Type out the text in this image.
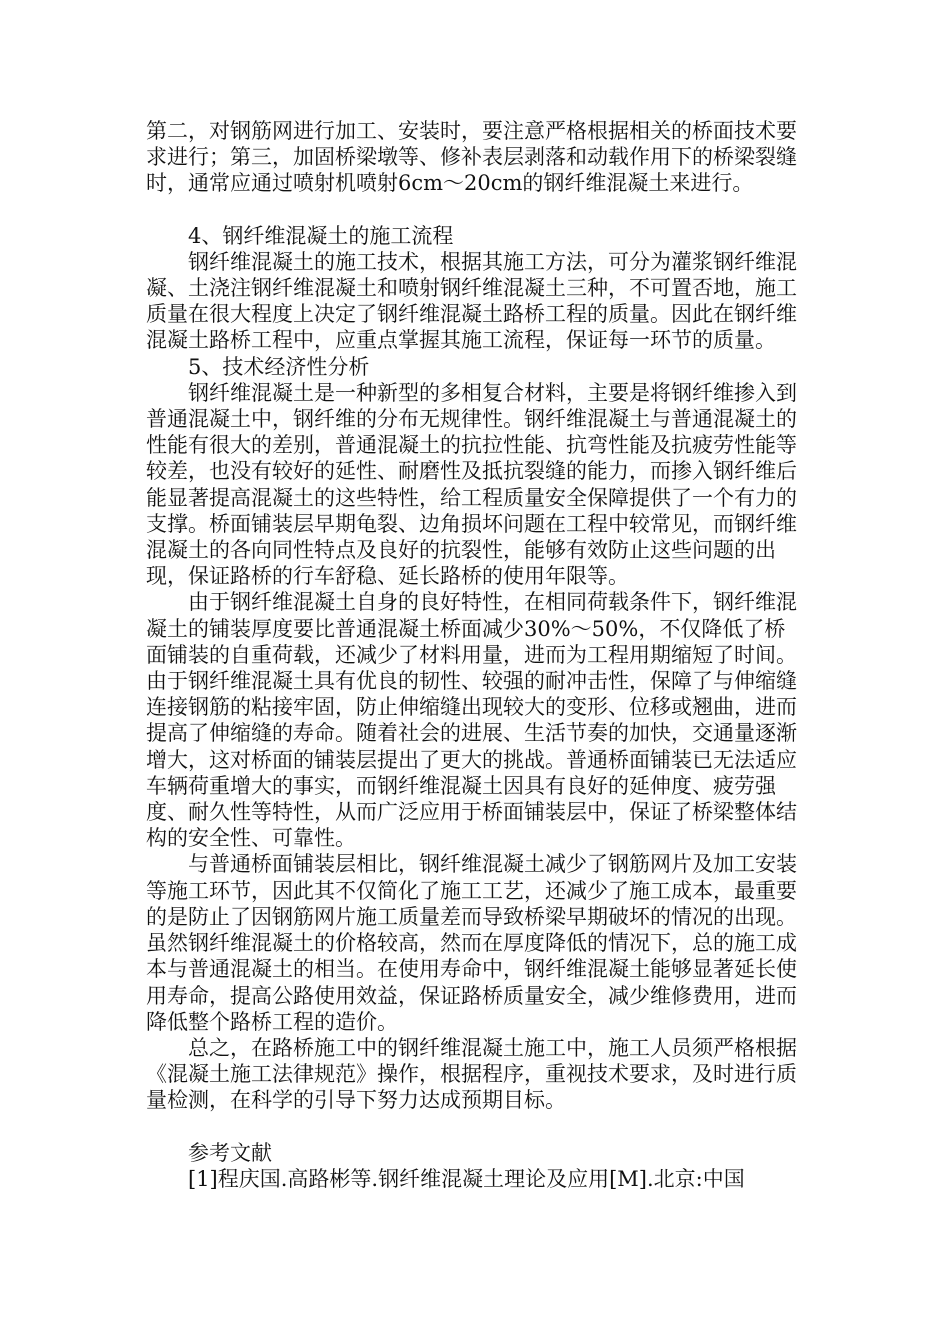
第二，对钢筋网进行加工、安装时，要注意严格根据相关的桥面技术要求进行；第三，加固桥梁墩等、修补表层剥落和动载作用下的桥梁裂缝时，通常应通过喷射机喷射6cm～20cm的钢纤维混凝土来进行。

4、钢纤维混凝土的施工流程

钢纤维混凝土的施工技术，根据其施工方法，可分为灌浆钢纤维混凝、土浇注钢纤维混凝土和喷射钢纤维混凝土三种，不可置否地，施工质量在很大程度上决定了钢纤维混凝土路桥工程的质量。因此在钢纤维混凝土路桥工程中，应重点掌握其施工流程，保证每一环节的质量。

5、技术经济性分析

钢纤维混凝土是一种新型的多相复合材料，主要是将钢纤维掺入到普通混凝土中，钢纤维的分布无规律性。钢纤维混凝土与普通混凝土的性能有很大的差别，普通混凝土的抗拉性能、抗弯性能及抗疲劳性能等较差，也没有较好的延性、耐磨性及抵抗裂缝的能力，而掺入钢纤维后能显著提高混凝土的这些特性，给工程质量安全保障提供了一个有力的支撑。桥面铺装层早期龟裂、边角损坏问题在工程中较常见，而钢纤维混凝土的各向同性特点及良好的抗裂性，能够有效防止这些问题的出现，保证路桥的行车舒稳、延长路桥的使用年限等。

由于钢纤维混凝土自身的良好特性，在相同荷载条件下，钢纤维混凝土的铺装厚度要比普通混凝土桥面减少30%～50%，不仅降低了桥面铺装的自重荷载，还减少了材料用量，进而为工程用期缩短了时间。由于钢纤维混凝土具有优良的韧性、较强的耐冲击性，保障了与伸缩缝连接钢筋的粘接牢固，防止伸缩缝出现较大的变形、位移或翘曲，进而提高了伸缩缝的寿命。随着社会的进展、生活节奏的加快，交通量逐渐增大，这对桥面的铺装层提出了更大的挑战。普通桥面铺装已无法适应车辆荷重增大的事实，而钢纤维混凝土因具有良好的延伸度、疲劳强度、耐久性等特性，从而广泛应用于桥面铺装层中，保证了桥梁整体结构的安全性、可靠性。

与普通桥面铺装层相比，钢纤维混凝土减少了钢筋网片及加工安装等施工环节，因此其不仅简化了施工工艺，还减少了施工成本，最重要的是防止了因钢筋网片施工质量差而导致桥梁早期破坏的情况的出现。虽然钢纤维混凝土的价格较高，然而在厚度降低的情况下，总的施工成本与普通混凝土的相当。在使用寿命中，钢纤维混凝土能够显著延长使用寿命，提高公路使用效益，保证路桥质量安全，减少维修费用，进而降低整个路桥工程的造价。

总之，在路桥施工中的钢纤维混凝土施工中，施工人员须严格根据《混凝土施工法律规范》操作，根据程序，重视技术要求，及时进行质量检测，在科学的引导下努力达成预期目标。

参考文献

[1]程庆国.高路彬等.钢纤维混凝土理论及应用[M].北京:中国
